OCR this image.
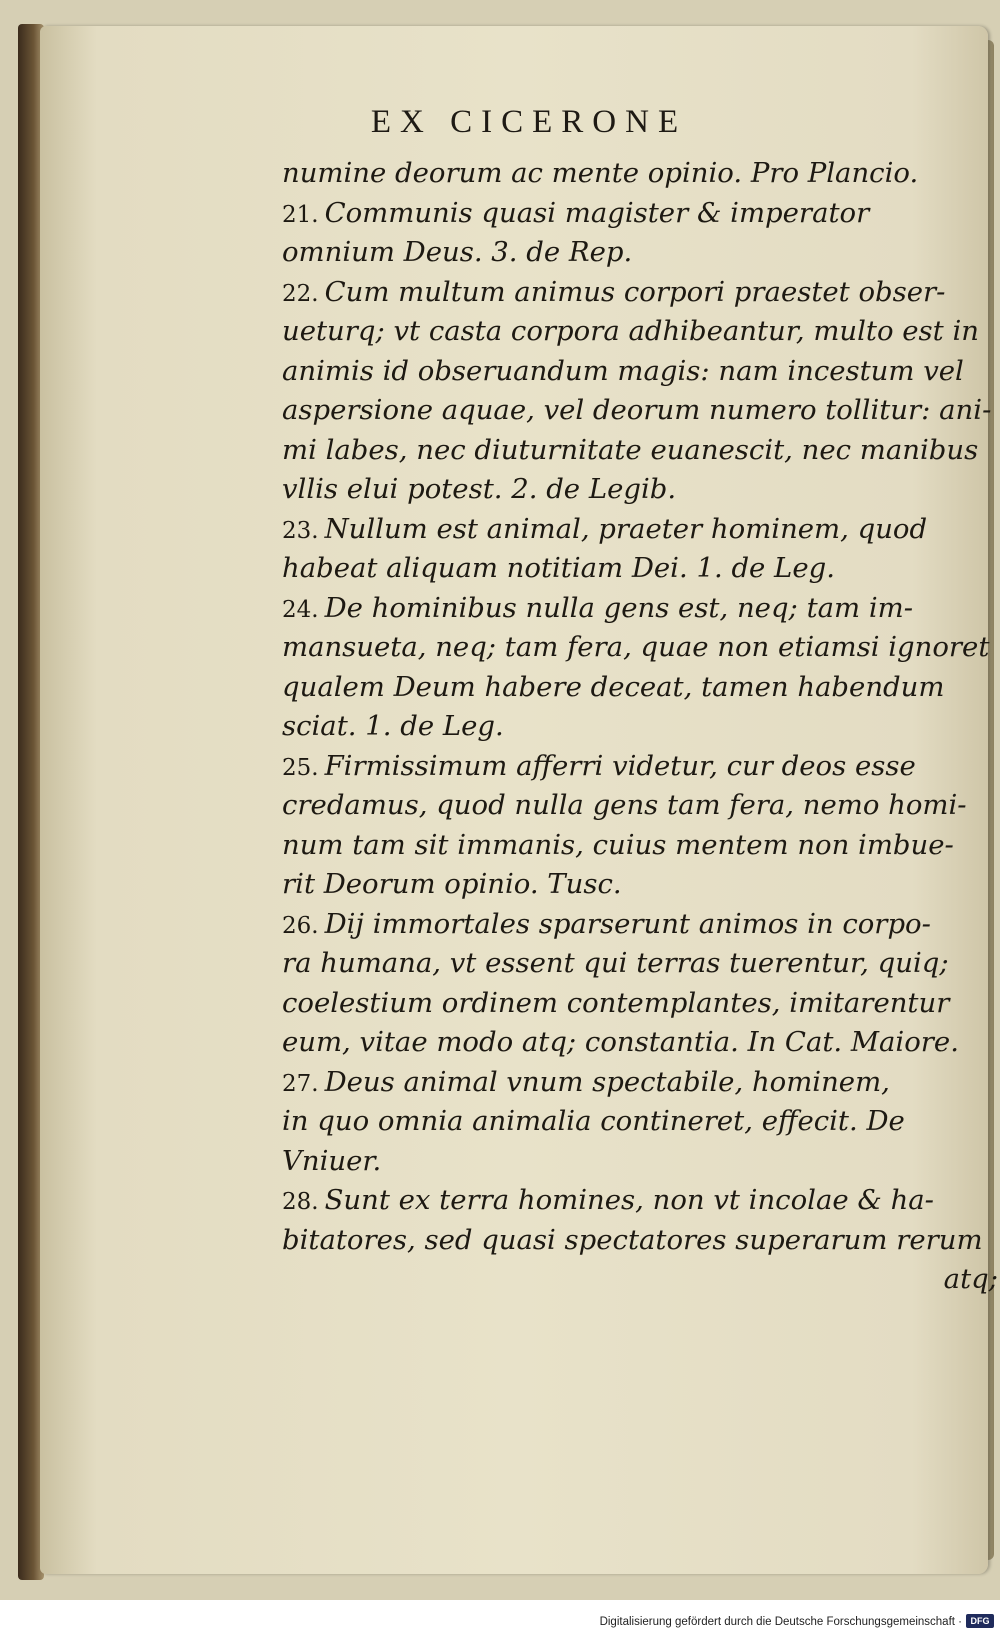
EX CICERONE
numine deorum ac mente opinio. Pro Plancio.
21. Communis quasi magister & imperator
omnium Deus. 3. de Rep.
22. Cum multum animus corpori praestet obser-
ueturq; vt casta corpora adhibeantur, multo est in
animis id obseruandum magis: nam incestum vel
aspersione aquae, vel deorum numero tollitur: ani-
mi labes, nec diuturnitate euanescit, nec manibus
vllis elui potest. 2. de Legib.
23. Nullum est animal, praeter hominem, quod
habeat aliquam notitiam Dei. 1. de Leg.
24. De hominibus nulla gens est, neq; tam im-
mansueta, neq; tam fera, quae non etiamsi ignoret
qualem Deum habere deceat, tamen habendum
sciat. 1. de Leg.
25. Firmissimum afferri videtur, cur deos esse
credamus, quod nulla gens tam fera, nemo homi-
num tam sit immanis, cuius mentem non imbue-
rit Deorum opinio. Tusc.
26. Dij immortales sparserunt animos in corpo-
ra humana, vt essent qui terras tuerentur, quiq;
coelestium ordinem contemplantes, imitarentur
eum, vitae modo atq; constantia. In Cat. Maiore.
27. Deus animal vnum spectabile, hominem,
in quo omnia animalia contineret, effecit. De
Vniuer.
28. Sunt ex terra homines, non vt incolae & ha-
bitatores, sed quasi spectatores superarum rerum
atq;
Digitalisierung gefördert durch die Deutsche Forschungsgemeinschaft · DFG
